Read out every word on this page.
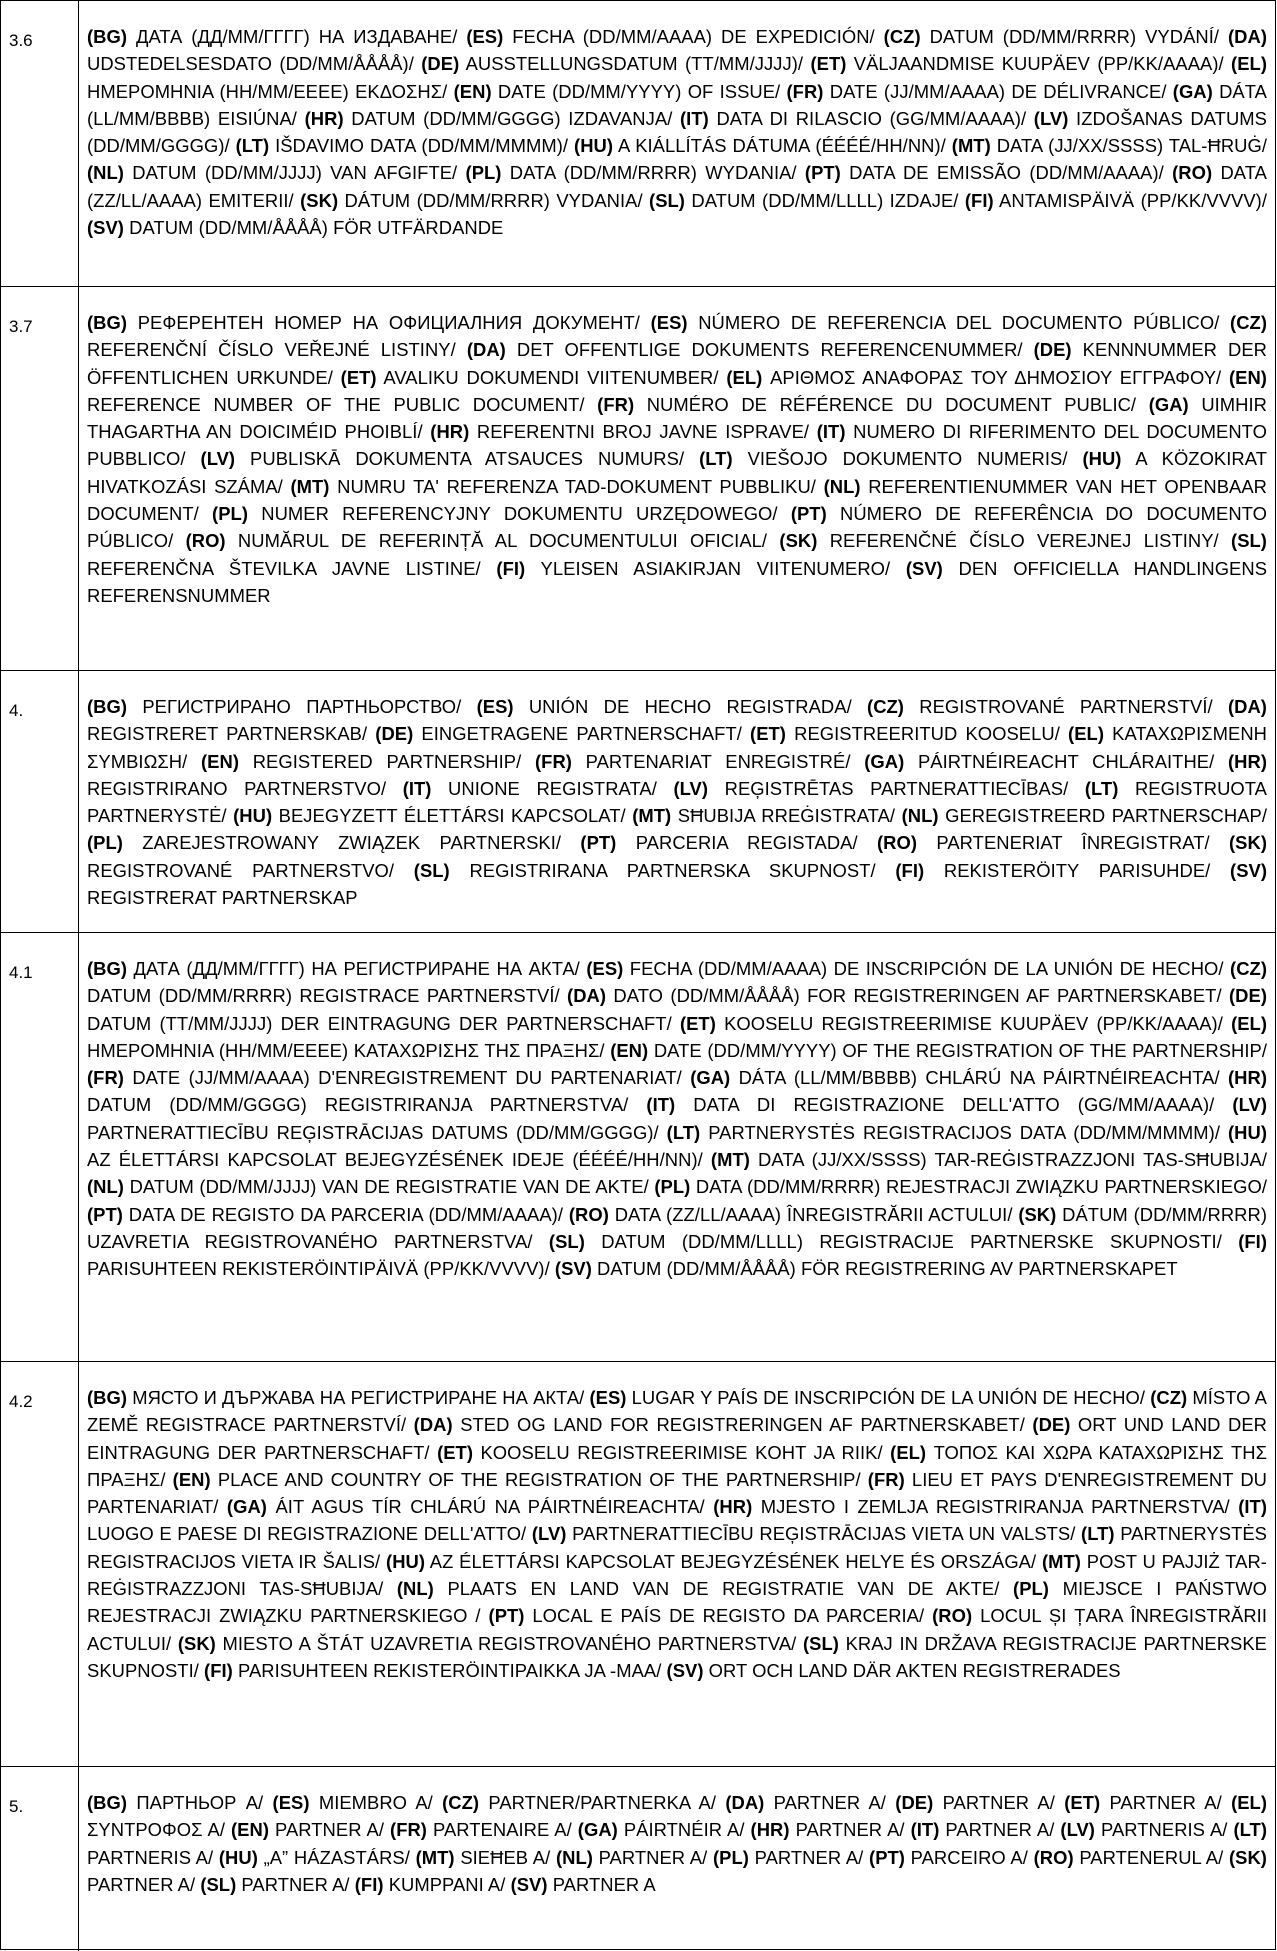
3.6	(BG) ДАТА (ДД/ММ/ГГГГ) НА ИЗДАВАНЕ/ (ES) FECHA (DD/MM/AAAA) DE EXPEDICIÓN/ (CZ) DATUM (DD/MM/RRRR) VYDÁNÍ/ (DA) UDSTEDELSESDATO (DD/MM/ÅÅÅÅ)/ (DE) AUSSTELLUNGSDATUM (TT/MM/JJJJ)/ (ET) VÄLJAANDMISE KUUPÄEV (PP/KK/AAAA)/ (EL) ΗΜΕΡΟΜΗΝΙΑ (ΗΗ/ΜΜ/ΕΕΕΕ) ΕΚΔΟΣΗΣ/ (EN) DATE (DD/MM/YYYY) OF ISSUE/ (FR) DATE (JJ/MM/AAAA) DE DÉLIVRANCE/ (GA) DÁTA (LL/MM/BBBB) EISIÚNA/ (HR) DATUM (DD/MM/GGGG) IZDAVANJA/ (IT) DATA DI RILASCIO (GG/MM/AAAA)/ (LV) IZDOŠANAS DATUMS (DD/MM/GGGG)/ (LT) IŠDAVIMO DATA (DD/MM/MMMM)/ (HU) A KIÁLLÍTÁS DÁTUMA (ÉÉÉÉ/HH/NN)/ (MT) DATA (JJ/XX/SSSS) TAL-ĦRUĠ/ (NL) DATUM (DD/MM/JJJJ) VAN AFGIFTE/ (PL) DATA (DD/MM/RRRR) WYDANIA/ (PT) DATA DE EMISSÃO (DD/MM/AAAA)/ (RO) DATA (ZZ/LL/AAAA) EMITERII/ (SK) DÁTUM (DD/MM/RRRR) VYDANIA/ (SL) DATUM (DD/MM/LLLL) IZDAJE/ (FI) ANTAMISPÄIVÄ (PP/KK/VVVV)/ (SV) DATUM (DD/MM/ÅÅÅÅ) FÖR UTFÄRDANDE
3.7	(BG) РЕФЕРЕНТЕН НОМЕР НА ОФИЦИАЛНИЯ ДОКУМЕНТ/ (ES) NÚMERO DE REFERENCIA DEL DOCUMENTO PÚBLICO/ (CZ) REFERENČNÍ ČÍSLO VEŘEJNÉ LISTINY/ (DA) DET OFFENTLIGE DOKUMENTS REFERENCENUMMER/ (DE) KENNNUMMER DER ÖFFENTLICHEN URKUNDE/ (ET) AVALIKU DOKUMENDI VIITENUMBER/ (EL) ΑΡΙΘΜΟΣ ΑΝΑΦΟΡΑΣ ΤΟΥ ΔΗΜΟΣΙΟΥ ΕΓΓΡΑΦΟΥ/ (EN) REFERENCE NUMBER OF THE PUBLIC DOCUMENT/ (FR) NUMÉRO DE RÉFÉRENCE DU DOCUMENT PUBLIC/ (GA) UIMHIR THAGARTHA AN DOICIMÉID PHOIBLÍ/ (HR) REFERENTNI BROJ JAVNE ISPRAVE/ (IT) NUMERO DI RIFERIMENTO DEL DOCUMENTO PUBBLICO/ (LV) PUBLISKĀ DOKUMENTA ATSAUCES NUMURS/ (LT) VIEŠOJO DOKUMENTO NUMERIS/ (HU) A KÖZOKIRAT HIVATKOZÁSI SZÁMA/ (MT) NUMRU TA' REFERENZA TAD-DOKUMENT PUBBLIKU/ (NL) REFERENTIENUMMER VAN HET OPENBAAR DOCUMENT/ (PL) NUMER REFERENCYJNY DOKUMENTU URZĘDOWEGO/ (PT) NÚMERO DE REFERÊNCIA DO DOCUMENTO PÚBLICO/ (RO) NUMĂRUL DE REFERINȚĂ AL DOCUMENTULUI OFICIAL/ (SK) REFERENČNÉ ČÍSLO VEREJNEJ LISTINY/ (SL) REFERENČNA ŠTEVILKA JAVNE LISTINE/ (FI) YLEISEN ASIAKIRJAN VIITENUMERO/ (SV) DEN OFFICIELLA HANDLINGENS REFERENSNUMMER
4.	(BG) РЕГИСТРИРАНО ПАРТНЬОРСТВО/ (ES) UNIÓN DE HECHO REGISTRADA/ (CZ) REGISTROVANÉ PARTNERSTVÍ/ (DA) REGISTRERET PARTNERSKAB/ (DE) EINGETRAGENE PARTNERSCHAFT/ (ET) REGISTREERITUD KOOSELU/ (EL) ΚΑΤΑΧΩΡΙΣΜΕΝΗ ΣΥΜΒΙΩΣΗ/ (EN) REGISTERED PARTNERSHIP/ (FR) PARTENARIAT ENREGISTRÉ/ (GA) PÁIRTNÉIREACHT CHLÁRAITHE/ (HR) REGISTRIRANO PARTNERSTVO/ (IT) UNIONE REGISTRATA/ (LV) REĢISTRĒTAS PARTNERATTIECĪBAS/ (LT) REGISTRUOTA PARTNERYSTĖ/ (HU) BEJEGYZETT ÉLETTÁRSI KAPCSOLAT/ (MT) SĦUBIJA RREĠISTRATA/ (NL) GEREGISTREERD PARTNERSCHAP/ (PL) ZAREJESTROWANY ZWIĄZEK PARTNERSKI/ (PT) PARCERIA REGISTADA/ (RO) PARTENERIAT ÎNREGISTRAT/ (SK) REGISTROVANÉ PARTNERSTVO/ (SL) REGISTRIRANA PARTNERSKA SKUPNOST/ (FI) REKISTERÖITY PARISUHDE/ (SV) REGISTRERAT PARTNERSKAP
4.1	(BG) ДАТА (ДД/ММ/ГГГГ) НА РЕГИСТРИРАНЕ НА АКТА/ (ES) FECHA (DD/MM/AAAA) DE INSCRIPCIÓN DE LA UNIÓN DE HECHO/ (CZ) DATUM (DD/MM/RRRR) REGISTRACE PARTNERSTVÍ/ (DA) DATO (DD/MM/ÅÅÅÅ) FOR REGISTRERINGEN AF PARTNERSKABET/ (DE) DATUM (TT/MM/JJJJ) DER EINTRAGUNG DER PARTNERSCHAFT/ (ET) KOOSELU REGISTREERIMISE KUUPÄEV (PP/KK/AAAA)/ (EL) ΗΜΕΡΟΜΗΝΙΑ (ΗΗ/ΜΜ/ΕΕΕΕ) ΚΑΤΑΧΩΡΙΣΗΣ ΤΗΣ ΠΡΑΞΗΣ/ (EN) DATE (DD/MM/YYYY) OF THE REGISTRATION OF THE PARTNERSHIP/ (FR) DATE (JJ/MM/AAAA) D'ENREGISTREMENT DU PARTENARIAT/ (GA) DÁTA (LL/MM/BBBB) CHLÁRÚ NA PÁIRTNÉIREACHTA/ (HR) DATUM (DD/MM/GGGG) REGISTRIRANJA PARTNERSTVA/ (IT) DATA DI REGISTRAZIONE DELL'ATTO (GG/MM/AAAA)/ (LV) PARTNERATTIECĪBU REĢISTRĀCIJAS DATUMS (DD/MM/GGGG)/ (LT) PARTNERYSTĖS REGISTRACIJOS DATA (DD/MM/MMMM)/ (HU) AZ ÉLETTÁRSI KAPCSOLAT BEJEGYZÉSÉNEK IDEJE (ÉÉÉÉ/HH/NN)/ (MT) DATA (JJ/XX/SSSS) TAR-REĠISTRAZZJONI TAS-SĦUBIJA/ (NL) DATUM (DD/MM/JJJJ) VAN DE REGISTRATIE VAN DE AKTE/ (PL) DATA (DD/MM/RRRR) REJESTRACJI ZWIĄZKU PARTNERSKIEGO/ (PT) DATA DE REGISTO DA PARCERIA (DD/MM/AAAA)/ (RO) DATA (ZZ/LL/AAAA) ÎNREGISTRĂRII ACTULUI/ (SK) DÁTUM (DD/MM/RRRR) UZAVRETIA REGISTROVANÉHO PARTNERSTVA/ (SL) DATUM (DD/MM/LLLL) REGISTRACIJE PARTNERSKE SKUPNOSTI/ (FI) PARISUHTEEN REKISTERÖINTIPÄIVÄ (PP/KK/VVVV)/ (SV) DATUM (DD/MM/ÅÅÅÅ) FÖR REGISTRERING AV PARTNERSKAPET
4.2	(BG) МЯСТО И ДЪРЖАВА НА РЕГИСТРИРАНЕ НА АКТА/ (ES) LUGAR Y PAÍS DE INSCRIPCIÓN DE LA UNIÓN DE HECHO/ (CZ) MÍSTO A ZEMĚ REGISTRACE PARTNERSTVÍ/ (DA) STED OG LAND FOR REGISTRERINGEN AF PARTNERSKABET/ (DE) ORT UND LAND DER EINTRAGUNG DER PARTNERSCHAFT/ (ET) KOOSELU REGISTREERIMISE KOHT JA RIIK/ (EL) ΤΟΠΟΣ ΚΑΙ ΧΩΡΑ ΚΑΤΑΧΩΡΙΣΗΣ ΤΗΣ ΠΡΑΞΗΣ/ (EN) PLACE AND COUNTRY OF THE REGISTRATION OF THE PARTNERSHIP/ (FR) LIEU ET PAYS D'ENREGISTREMENT DU PARTENARIAT/ (GA) ÁIT AGUS TÍR CHLÁRÚ NA PÁIRTNÉIREACHTA/ (HR) MJESTO I ZEMLJA REGISTRIRANJA PARTNERSTVA/ (IT) LUOGO E PAESE DI REGISTRAZIONE DELL'ATTO/ (LV) PARTNERATTIECĪBU REĢISTRĀCIJAS VIETA UN VALSTS/ (LT) PARTNERYSTĖS REGISTRACIJOS VIETA IR ŠALIS/ (HU) AZ ÉLETTÁRSI KAPCSOLAT BEJEGYZÉSÉNEK HELYE ÉS ORSZÁGA/ (MT) POST U PAJJIŻ TAR-REĠISTRAZZJONI TAS-SĦUBIJA/ (NL) PLAATS EN LAND VAN DE REGISTRATIE VAN DE AKTE/ (PL) MIEJSCE I PAŃSTWO REJESTRACJI ZWIĄZKU PARTNERSKIEGO / (PT) LOCAL E PAÍS DE REGISTO DA PARCERIA/ (RO) LOCUL ȘI ȚARA ÎNREGISTRĂRII ACTULUI/ (SK) MIESTO A ŠTÁT UZAVRETIA REGISTROVANÉHO PARTNERSTVA/ (SL) KRAJ IN DRŽAVA REGISTRACIJE PARTNERSKE SKUPNOSTI/ (FI) PARISUHTEEN REKISTERÖINTIPAIKKA JA -MAA/ (SV) ORT OCH LAND DÄR AKTEN REGISTRERADES
5.	(BG) ПАРТНЬОР А/ (ES) MIEMBRO A/ (CZ) PARTNER/PARTNERKA A/ (DA) PARTNER A/ (DE) PARTNER A/ (ET) PARTNER A/ (EL) ΣΥΝΤΡΟΦΟΣ Α/ (EN) PARTNER A/ (FR) PARTENAIRE A/ (GA) PÁIRTNÉIR A/ (HR) PARTNER A/ (IT) PARTNER A/ (LV) PARTNERIS A/ (LT) PARTNERIS A/ (HU) „A” HÁZASTÁRS/ (MT) SIEĦEB A/ (NL) PARTNER A/ (PL) PARTNER A/ (PT) PARCEIRO A/ (RO) PARTENERUL A/ (SK) PARTNER A/ (SL) PARTNER A/ (FI) KUMPPANI A/ (SV) PARTNER A
